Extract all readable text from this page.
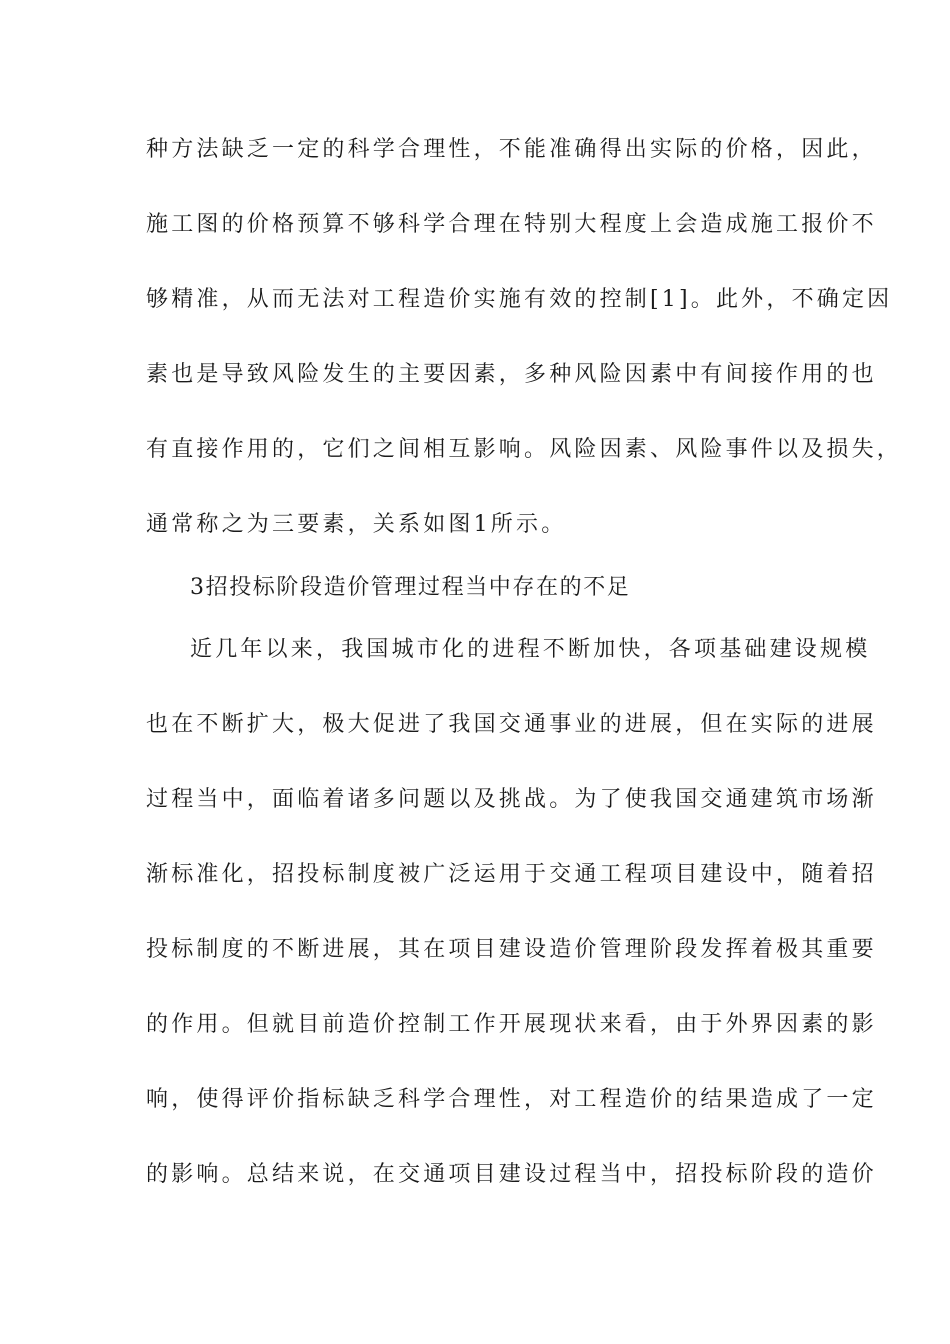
种方法缺乏一定的科学合理性，不能准确得出实际的价格，因此，
施工图的价格预算不够科学合理在特别大程度上会造成施工报价不
够精准，从而无法对工程造价实施有效的控制[1]。此外，不确定因
素也是导致风险发生的主要因素，多种风险因素中有间接作用的也
有直接作用的，它们之间相互影响。风险因素、风险事件以及损失，
通常称之为三要素，关系如图1所示。
3招投标阶段造价管理过程当中存在的不足
近几年以来，我国城市化的进程不断加快，各项基础建设规模
也在不断扩大，极大促进了我国交通事业的进展，但在实际的进展
过程当中，面临着诸多问题以及挑战。为了使我国交通建筑市场渐
渐标准化，招投标制度被广泛运用于交通工程项目建设中，随着招
投标制度的不断进展，其在项目建设造价管理阶段发挥着极其重要
的作用。但就目前造价控制工作开展现状来看，由于外界因素的影
响，使得评价指标缺乏科学合理性，对工程造价的结果造成了一定
的影响。总结来说，在交通项目建设过程当中，招投标阶段的造价
